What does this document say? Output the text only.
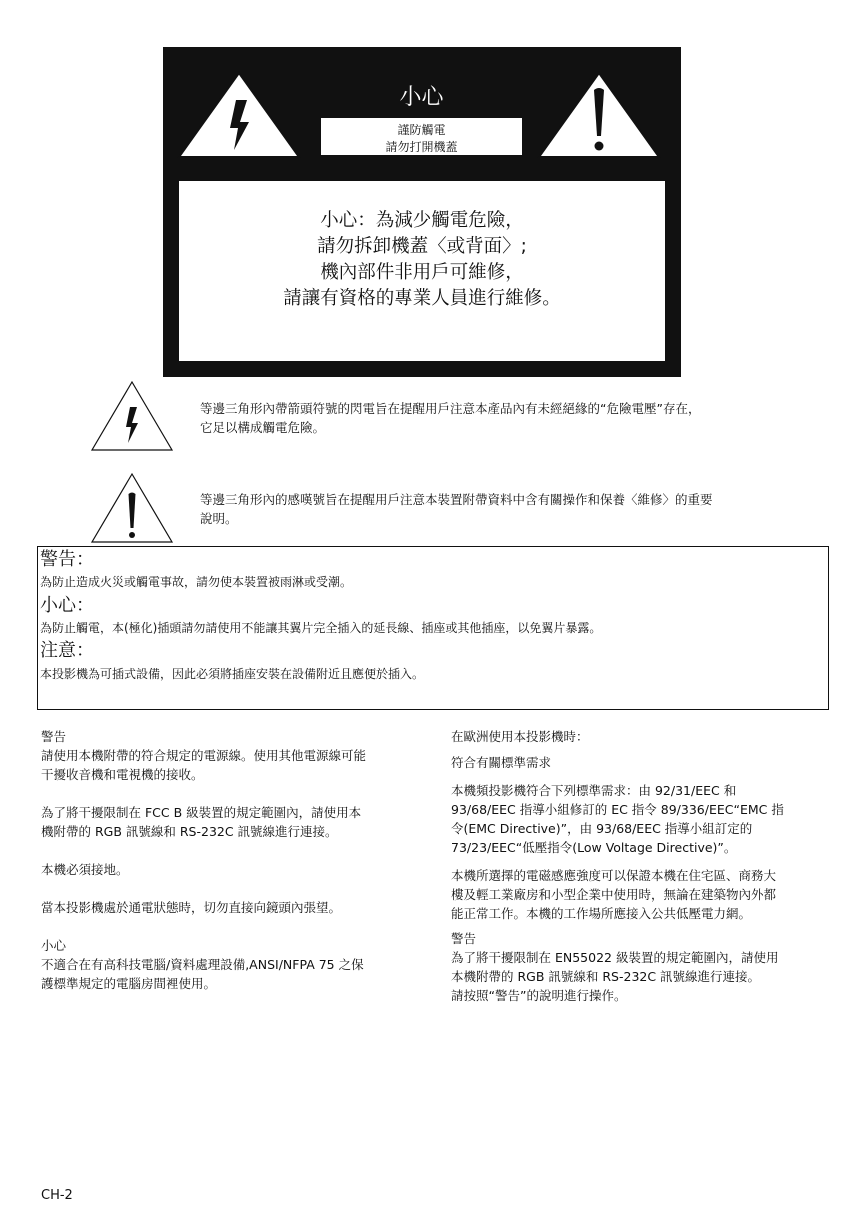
小心
謹防觸電
請勿打開機蓋
小心：為減少觸電危險，
請勿拆卸機蓋〈或背面〉;
機內部件非用戶可維修，
請讓有資格的專業人員進行維修。
等邊三角形內帶箭頭符號的閃電旨在提醒用戶注意本產品內有未經絕緣的“危險電壓”存在，
它足以構成觸電危險。
等邊三角形內的感嘆號旨在提醒用戶注意本裝置附帶資料中含有關操作和保養〈維修〉的重要
說明。
警告：
為防止造成火災或觸電事故，請勿使本裝置被雨淋或受潮。
小心：
為防止觸電，本(極化)插頭請勿請使用不能讓其翼片完全插入的延長線、插座或其他插座，以免翼片暴露。
注意：
本投影機為可插式設備，因此必須將插座安裝在設備附近且應便於插入。

警告

請使用本機附帶的符合規定的電源線。使用其他電源線可能

干擾收音機和電視機的接收。

為了將干擾限制在 FCC B 級裝置的規定範圍內，請使用本

機附帶的 RGB 訊號線和 RS-232C 訊號線進行連接。

本機必須接地。

當本投影機處於通電狀態時，切勿直接向鏡頭內張望。

小心

不適合在有高科技電腦/資料處理設備,ANSI/NFPA 75 之保

護標準規定的電腦房間裡使用。

在歐洲使用本投影機時：

符合有關標準需求

本機頻投影機符合下列標準需求：由 92/31/EEC 和

93/68/EEC 指導小組修訂的 EC 指令 89/336/EEC“EMC 指

令(EMC Directive)”，由 93/68/EEC 指導小組訂定的

73/23/EEC“低壓指令(Low Voltage Directive)”。

本機所選擇的電磁感應強度可以保證本機在住宅區、商務大

樓及輕工業廠房和小型企業中使用時，無論在建築物內外都

能正常工作。本機的工作場所應接入公共低壓電力網。

警告

為了將干擾限制在 EN55022 級裝置的規定範圍內，請使用

本機附帶的 RGB 訊號線和 RS-232C 訊號線進行連接。

請按照“警告”的說明進行操作。

CH-2
